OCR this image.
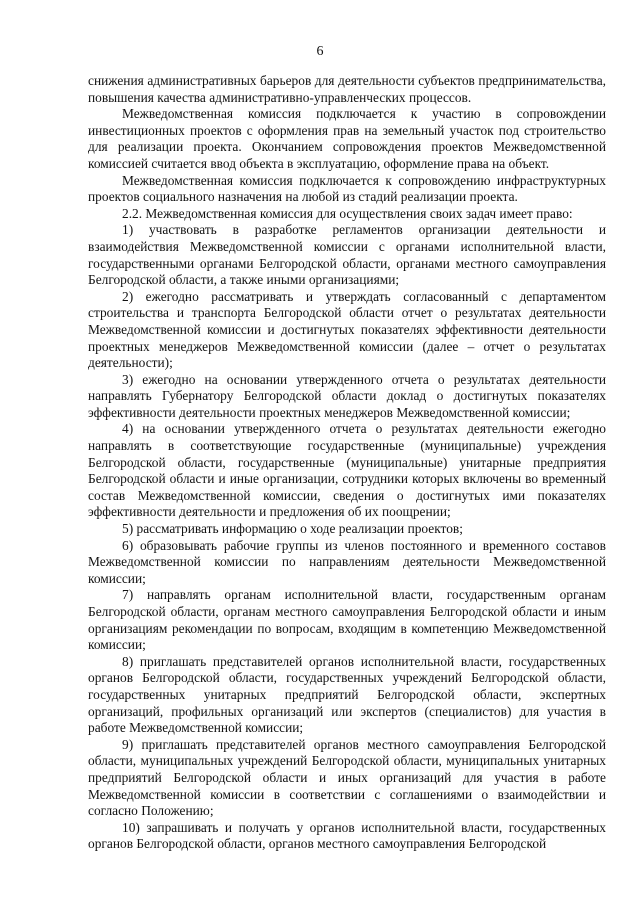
6

снижения административных барьеров для деятельности субъектов предпринимательства, повышения качества административно-управленческих процессов.

Межведомственная комиссия подключается к участию в сопровождении инвестиционных проектов с оформления прав на земельный участок под строительство для реализации проекта. Окончанием сопровождения проектов Межведомственной комиссией считается ввод объекта в эксплуатацию, оформление права на объект.

Межведомственная комиссия подключается к сопровождению инфраструктурных проектов социального назначения на любой из стадий реализации проекта.

2.2. Межведомственная комиссия для осуществления своих задач имеет право:

1) участвовать в разработке регламентов организации деятельности и взаимодействия Межведомственной комиссии с органами исполнительной власти, государственными органами Белгородской области, органами местного самоуправления Белгородской области, а также иными организациями;

2) ежегодно рассматривать и утверждать согласованный с департаментом строительства и транспорта Белгородской области отчет о результатах деятельности Межведомственной комиссии и достигнутых показателях эффективности деятельности проектных менеджеров Межведомственной комиссии (далее – отчет о результатах деятельности);

3) ежегодно на основании утвержденного отчета о результатах деятельности направлять Губернатору Белгородской области доклад о достигнутых показателях эффективности деятельности проектных менеджеров Межведомственной комиссии;

4) на основании утвержденного отчета о результатах деятельности ежегодно направлять в соответствующие государственные (муниципальные) учреждения Белгородской области, государственные (муниципальные) унитарные предприятия Белгородской области и иные организации, сотрудники которых включены во временный состав Межведомственной комиссии, сведения о достигнутых ими показателях эффективности деятельности и предложения об их поощрении;

5) рассматривать информацию о ходе реализации проектов;

6) образовывать рабочие группы из членов постоянного и временного составов Межведомственной комиссии по направлениям деятельности Межведомственной комиссии;

7) направлять органам исполнительной власти, государственным органам Белгородской области, органам местного самоуправления Белгородской области и иным организациям рекомендации по вопросам, входящим в компетенцию Межведомственной комиссии;

8) приглашать представителей органов исполнительной власти, государственных органов Белгородской области, государственных учреждений Белгородской области, государственных унитарных предприятий Белгородской области, экспертных организаций, профильных организаций или экспертов (специалистов) для участия в работе Межведомственной комиссии;

9) приглашать представителей органов местного самоуправления Белгородской области, муниципальных учреждений Белгородской области, муниципальных унитарных предприятий Белгородской области и иных организаций для участия в работе Межведомственной комиссии в соответствии с соглашениями о взаимодействии и согласно Положению;

10) запрашивать и получать у органов исполнительной власти, государственных органов Белгородской области, органов местного самоуправления Белгородской
